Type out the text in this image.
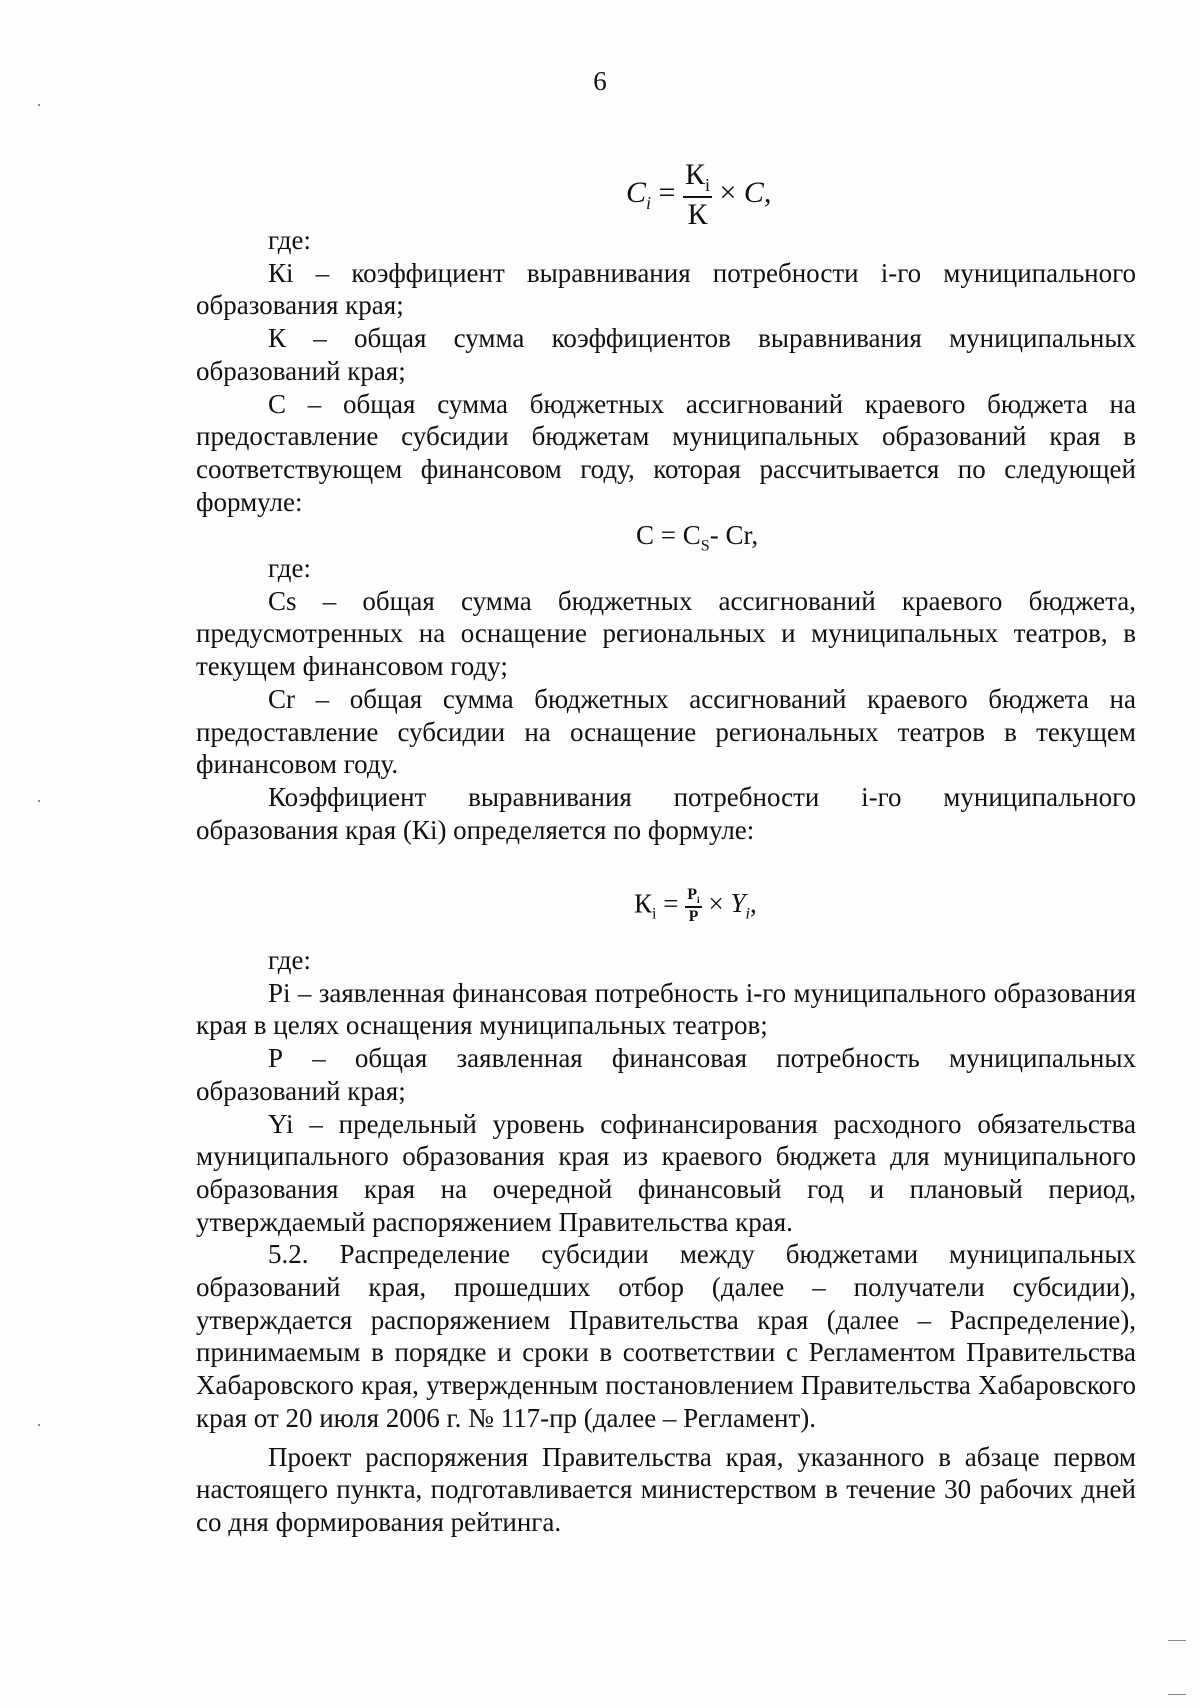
6
$C_i = \frac{К_i}{К} \times C$,

где:

Кi – коэффициент выравнивания потребности i-го муниципального образования края;

К – общая сумма коэффициентов выравнивания муниципальных образований края;

С – общая сумма бюджетных ассигнований краевого бюджета на предоставление субсидии бюджетам муниципальных образований края в соответствующем финансовом году, которая рассчитывается по следующей формуле:

$С = C_S-$ Сr,

где:

Cs – общая сумма бюджетных ассигнований краевого бюджета, предусмотренных на оснащение региональных и муниципальных театров, в текущем финансовом году;

Сr – общая сумма бюджетных ассигнований краевого бюджета на предоставление субсидии на оснащение региональных театров в текущем финансовом году.

Коэффициент выравнивания потребности i-го муниципального образования края (Кi) определяется по формуле:

$К_i = \frac{P_i}{P} \times Y_i$,

где:

Pi – заявленная финансовая потребность i-го муниципального образования края в целях оснащения муниципальных театров;

Р – общая заявленная финансовая потребность муниципальных образований края;

Yi – предельный уровень софинансирования расходного обязательства муниципального образования края из краевого бюджета для муниципального образования края на очередной финансовый год и плановый период, утверждаемый распоряжением Правительства края.

5.2. Распределение субсидии между бюджетами муниципальных образований края, прошедших отбор (далее – получатели субсидии), утверждается распоряжением Правительства края (далее – Распределение), принимаемым в порядке и сроки в соответствии с Регламентом Правительства Хабаровского края, утвержденным постановлением Правительства Хабаровского края от 20 июля 2006 г. № 117-пр (далее – Регламент).

Проект распоряжения Правительства края, указанного в абзаце первом настоящего пункта, подготавливается министерством в течение 30 рабочих дней со дня формирования рейтинга.
